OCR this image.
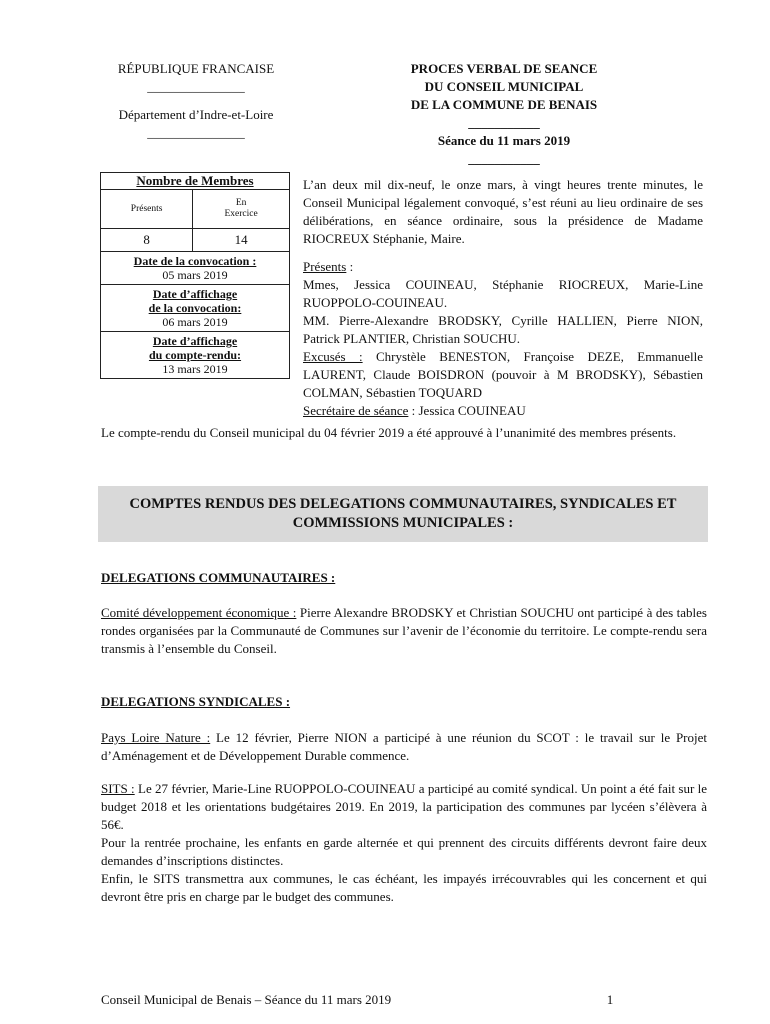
RÉPUBLIQUE FRANCAISE
_______________
Département d’Indre-et-Loire
_______________
PROCES VERBAL DE SEANCE
DU CONSEIL MUNICIPAL
DE LA COMMUNE DE BENAIS
___________
Séance du 11 mars 2019
___________
Nombre de Membres	
Présents	En
Exercice

8	14

Date de la convocation :
05 mars 2019	

Date d’affichage
de la convocation:
06 mars 2019	

Date d’affichage
du compte-rendu:
13 mars 2019	

L’an deux mil dix-neuf, le onze mars, à vingt heures trente minutes, le Conseil Municipal légalement convoqué, s’est réuni au lieu ordinaire de ses délibérations, en séance ordinaire, sous la présidence de Madame RIOCREUX Stéphanie, Maire.

Présents :

Mmes, Jessica COUINEAU, Stéphanie RIOCREUX, Marie-Line RUOPPOLO-COUINEAU.

MM. Pierre-Alexandre BRODSKY, Cyrille HALLIEN, Pierre NION, Patrick PLANTIER, Christian SOUCHU.

Excusés : Chrystèle BENESTON, Françoise DEZE, Emmanuelle LAURENT, Claude BOISDRON (pouvoir à M BRODSKY), Sébastien COLMAN, Sébastien TOQUARD

Secrétaire de séance : Jessica COUINEAU

Le compte-rendu du Conseil municipal du 04 février 2019 a été approuvé à l’unanimité des membres présents.
COMPTES RENDUS DES DELEGATIONS COMMUNAUTAIRES, SYNDICALES ET
COMMISSIONS MUNICIPALES :
DELEGATIONS COMMUNAUTAIRES :

Comité développement économique : Pierre Alexandre BRODSKY et Christian SOUCHU ont participé à des tables rondes organisées par la Communauté de Communes sur l’avenir de l’économie du territoire. Le compte-rendu sera transmis à l’ensemble du Conseil.

DELEGATIONS SYNDICALES :

Pays Loire Nature : Le 12 février, Pierre NION a participé à une réunion du SCOT : le travail sur le Projet d’Aménagement et de Développement Durable commence.

SITS : Le 27 février, Marie-Line RUOPPOLO-COUINEAU a participé au comité syndical. Un point a été fait sur le budget 2018 et les orientations budgétaires 2019. En 2019, la participation des communes par lycéen s’élèvera à 56€.

Pour la rentrée prochaine, les enfants en garde alternée et qui prennent des circuits différents devront faire deux demandes d’inscriptions distinctes.

Enfin, le SITS transmettra aux communes, le cas échéant, les impayés irrécouvrables qui les concernent et qui devront être pris en charge par le budget des communes.

Conseil Municipal de Benais – Séance du 11 mars 2019	1
